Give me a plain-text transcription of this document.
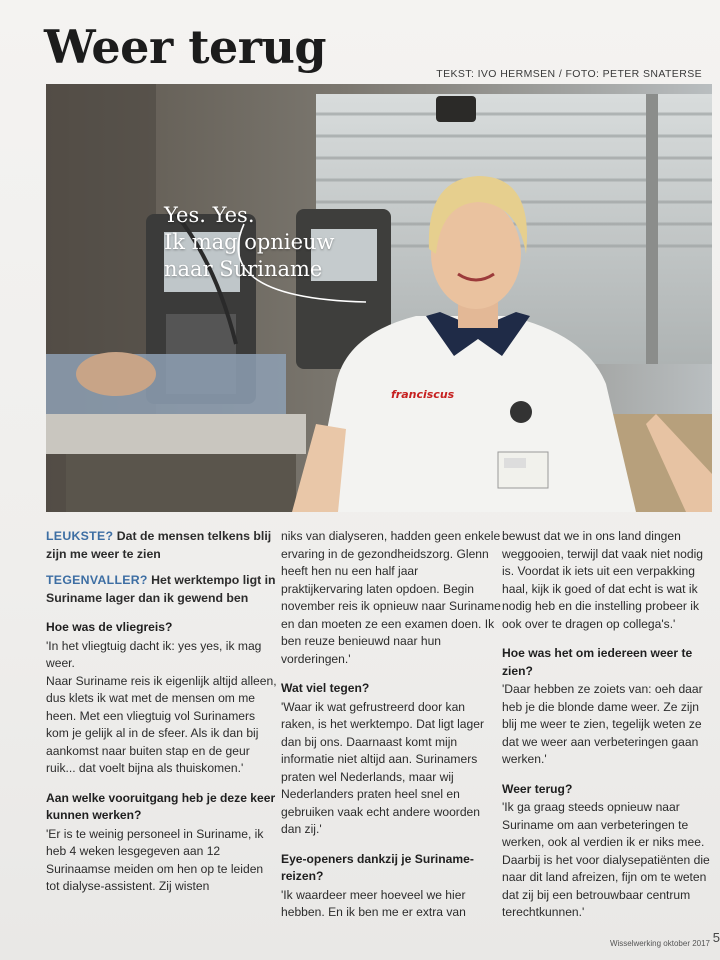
Weer terug	TEKST: IVO HERMSEN / FOTO: PETER SNATERSE
franciscus
Yes. Yes.
Ik mag opnieuw
naar Suriname

LEUKSTE? Dat de mensen telkens blij zijn me weer te zien

TEGENVALLER? Het werktempo ligt in Suriname lager dan ik gewend ben

Hoe was de vliegreis?

'In het vliegtuig dacht ik: yes yes, ik mag weer.

Naar Suriname reis ik eigenlijk altijd alleen, dus klets ik wat met de mensen om me heen. Met een vliegtuig vol Surinamers kom je gelijk al in de sfeer. Als ik dan bij aankomst naar buiten stap en de geur ruik... dat voelt bijna als thuiskomen.'

Aan welke vooruitgang heb je deze keer kunnen werken?

'Er is te weinig personeel in Suriname, ik heb 4 weken lesgegeven aan 12 Surinaamse meiden om hen op te leiden tot dialyse-assistent. Zij wisten

niks van dialyseren, hadden geen enkele ervaring in de gezondheidszorg. Glenn heeft hen nu een half jaar praktijkervaring laten opdoen. Begin november reis ik opnieuw naar Suriname en dan moeten ze een examen doen. Ik ben reuze benieuwd naar hun vorderingen.'

Wat viel tegen?

'Waar ik wat gefrustreerd door kan raken, is het werktempo. Dat ligt lager dan bij ons. Daarnaast komt mijn informatie niet altijd aan. Surinamers praten wel Nederlands, maar wij Nederlanders praten heel snel en gebruiken vaak echt andere woorden dan zij.'

Eye-openers dankzij je Suriname-reizen?

'Ik waardeer meer hoeveel we hier hebben. En ik ben me er extra van

bewust dat we in ons land dingen weggooien, terwijl dat vaak niet nodig is. Voordat ik iets uit een verpakking haal, kijk ik goed of dat echt is wat ik nodig heb en die instelling probeer ik ook over te dragen op collega's.'

Hoe was het om iedereen weer te zien?

'Daar hebben ze zoiets van: oeh daar heb je die blonde dame weer. Ze zijn blij me weer te zien, tegelijk weten ze dat we weer aan verbeteringen gaan werken.'

Weer terug?

'Ik ga graag steeds opnieuw naar Suriname om aan verbeteringen te werken, ook al verdien ik er niks mee. Daarbij is het voor dialysepatiënten die naar dit land afreizen, fijn om te weten dat zij bij een betrouwbaar centrum terechtkunnen.'

Wisselwerking oktober 2017 5
